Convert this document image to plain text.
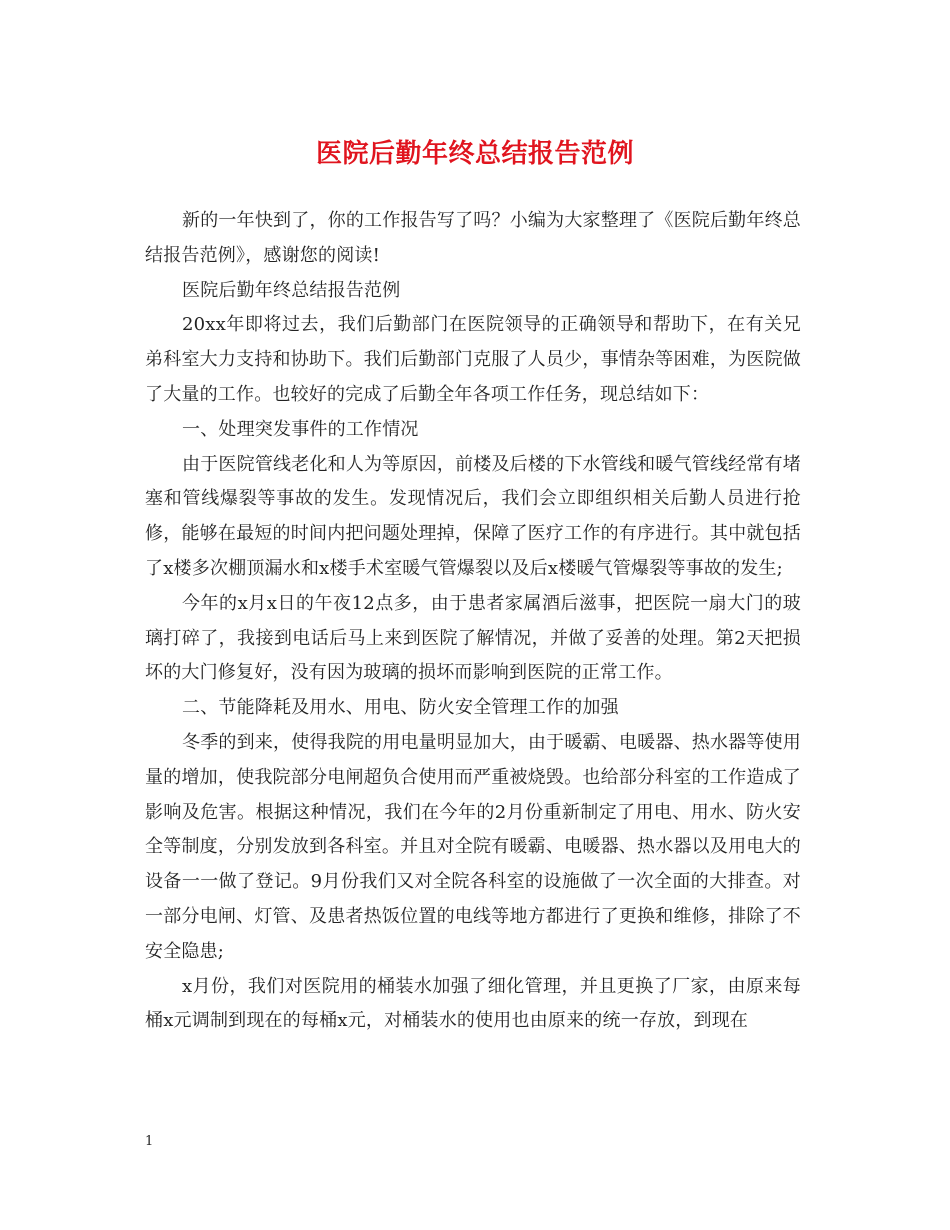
医院后勤年终总结报告范例

新的一年快到了，你的工作报告写了吗？小编为大家整理了《医院后勤年终总结报告范例》，感谢您的阅读!

医院后勤年终总结报告范例

20xx年即将过去，我们后勤部门在医院领导的正确领导和帮助下，在有关兄弟科室大力支持和协助下。我们后勤部门克服了人员少，事情杂等困难，为医院做了大量的工作。也较好的完成了后勤全年各项工作任务，现总结如下：

一、处理突发事件的工作情况

由于医院管线老化和人为等原因，前楼及后楼的下水管线和暖气管线经常有堵塞和管线爆裂等事故的发生。发现情况后，我们会立即组织相关后勤人员进行抢修，能够在最短的时间内把问题处理掉，保障了医疗工作的有序进行。其中就包括了x楼多次棚顶漏水和x楼手术室暖气管爆裂以及后x楼暖气管爆裂等事故的发生;

今年的x月x日的午夜12点多，由于患者家属酒后滋事，把医院一扇大门的玻璃打碎了，我接到电话后马上来到医院了解情况，并做了妥善的处理。第2天把损坏的大门修复好，没有因为玻璃的损坏而影响到医院的正常工作。

二、节能降耗及用水、用电、防火安全管理工作的加强

冬季的到来，使得我院的用电量明显加大，由于暖霸、电暖器、热水器等使用量的增加，使我院部分电闸超负合使用而严重被烧毁。也给部分科室的工作造成了影响及危害。根据这种情况，我们在今年的2月份重新制定了用电、用水、防火安全等制度，分别发放到各科室。并且对全院有暖霸、电暖器、热水器以及用电大的设备一一做了登记。9月份我们又对全院各科室的设施做了一次全面的大排查。对一部分电闸、灯管、及患者热饭位置的电线等地方都进行了更换和维修，排除了不安全隐患;

x月份，我们对医院用的桶装水加强了细化管理，并且更换了厂家，由原来每桶x元调制到现在的每桶x元，对桶装水的使用也由原来的统一存放，到现在

1
